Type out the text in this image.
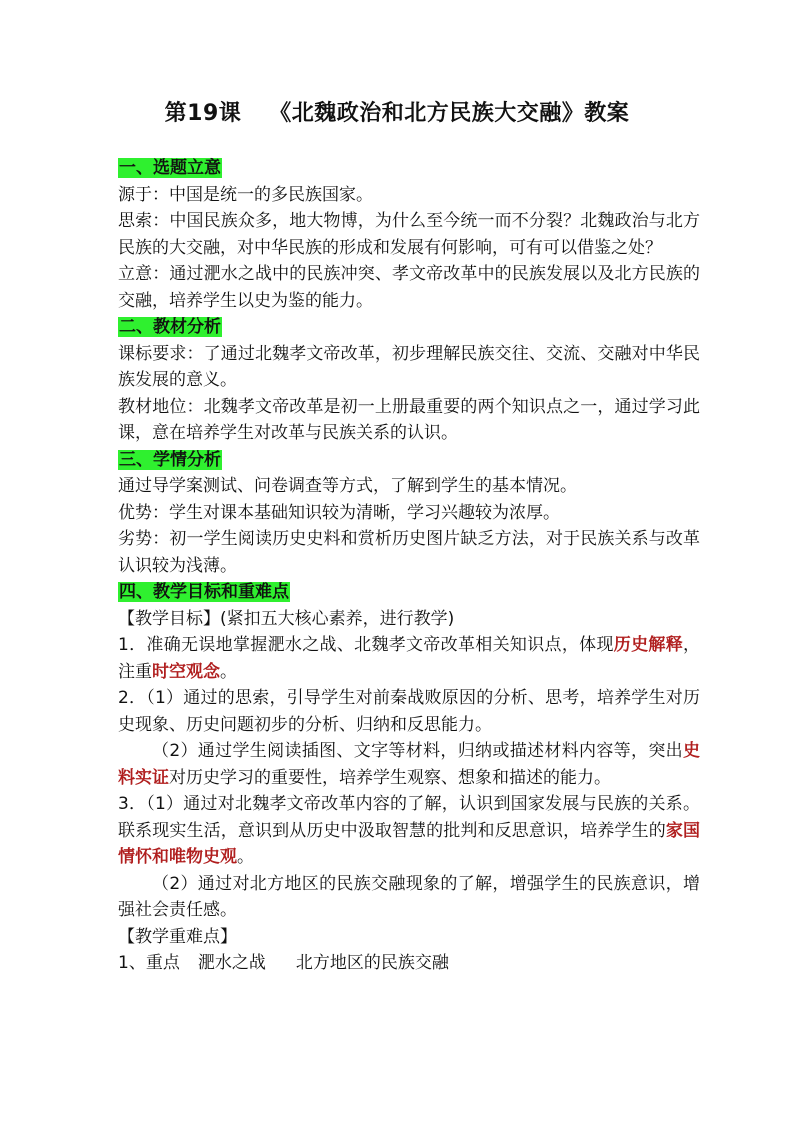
第19课 《北魏政治和北方民族大交融》教案

一、选题立意

源于：中国是统一的多民族国家。

思索：中国民族众多，地大物博，为什么至今统一而不分裂？北魏政治与北方民族的大交融，对中华民族的形成和发展有何影响，可有可以借鉴之处？

立意：通过淝水之战中的民族冲突、孝文帝改革中的民族发展以及北方民族的交融，培养学生以史为鉴的能力。

二、教材分析

课标要求：了通过北魏孝文帝改革，初步理解民族交往、交流、交融对中华民族发展的意义。

教材地位：北魏孝文帝改革是初一上册最重要的两个知识点之一，通过学习此课，意在培养学生对改革与民族关系的认识。

三、学情分析

通过导学案测试、问卷调查等方式，了解到学生的基本情况。

优势：学生对课本基础知识较为清晰，学习兴趣较为浓厚。

劣势：初一学生阅读历史史料和赏析历史图片缺乏方法，对于民族关系与改革认识较为浅薄。

四、教学目标和重难点

【教学目标】(紧扣五大核心素养，进行教学)

1．准确无误地掌握淝水之战、北魏孝文帝改革相关知识点，体现历史解释，注重时空观念。

2．（1）通过的思索，引导学生对前秦战败原因的分析、思考，培养学生对历史现象、历史问题初步的分析、归纳和反思能力。

（2）通过学生阅读插图、文字等材料，归纳或描述材料内容等，突出史料实证对历史学习的重要性，培养学生观察、想象和描述的能力。

3．（1）通过对北魏孝文帝改革内容的了解，认识到国家发展与民族的关系。联系现实生活，意识到从历史中汲取智慧的批判和反思意识，培养学生的家国情怀和唯物史观。

（2）通过对北方地区的民族交融现象的了解，增强学生的民族意识，增强社会责任感。

【教学重难点】

1、重点 淝水之战 北方地区的民族交融
